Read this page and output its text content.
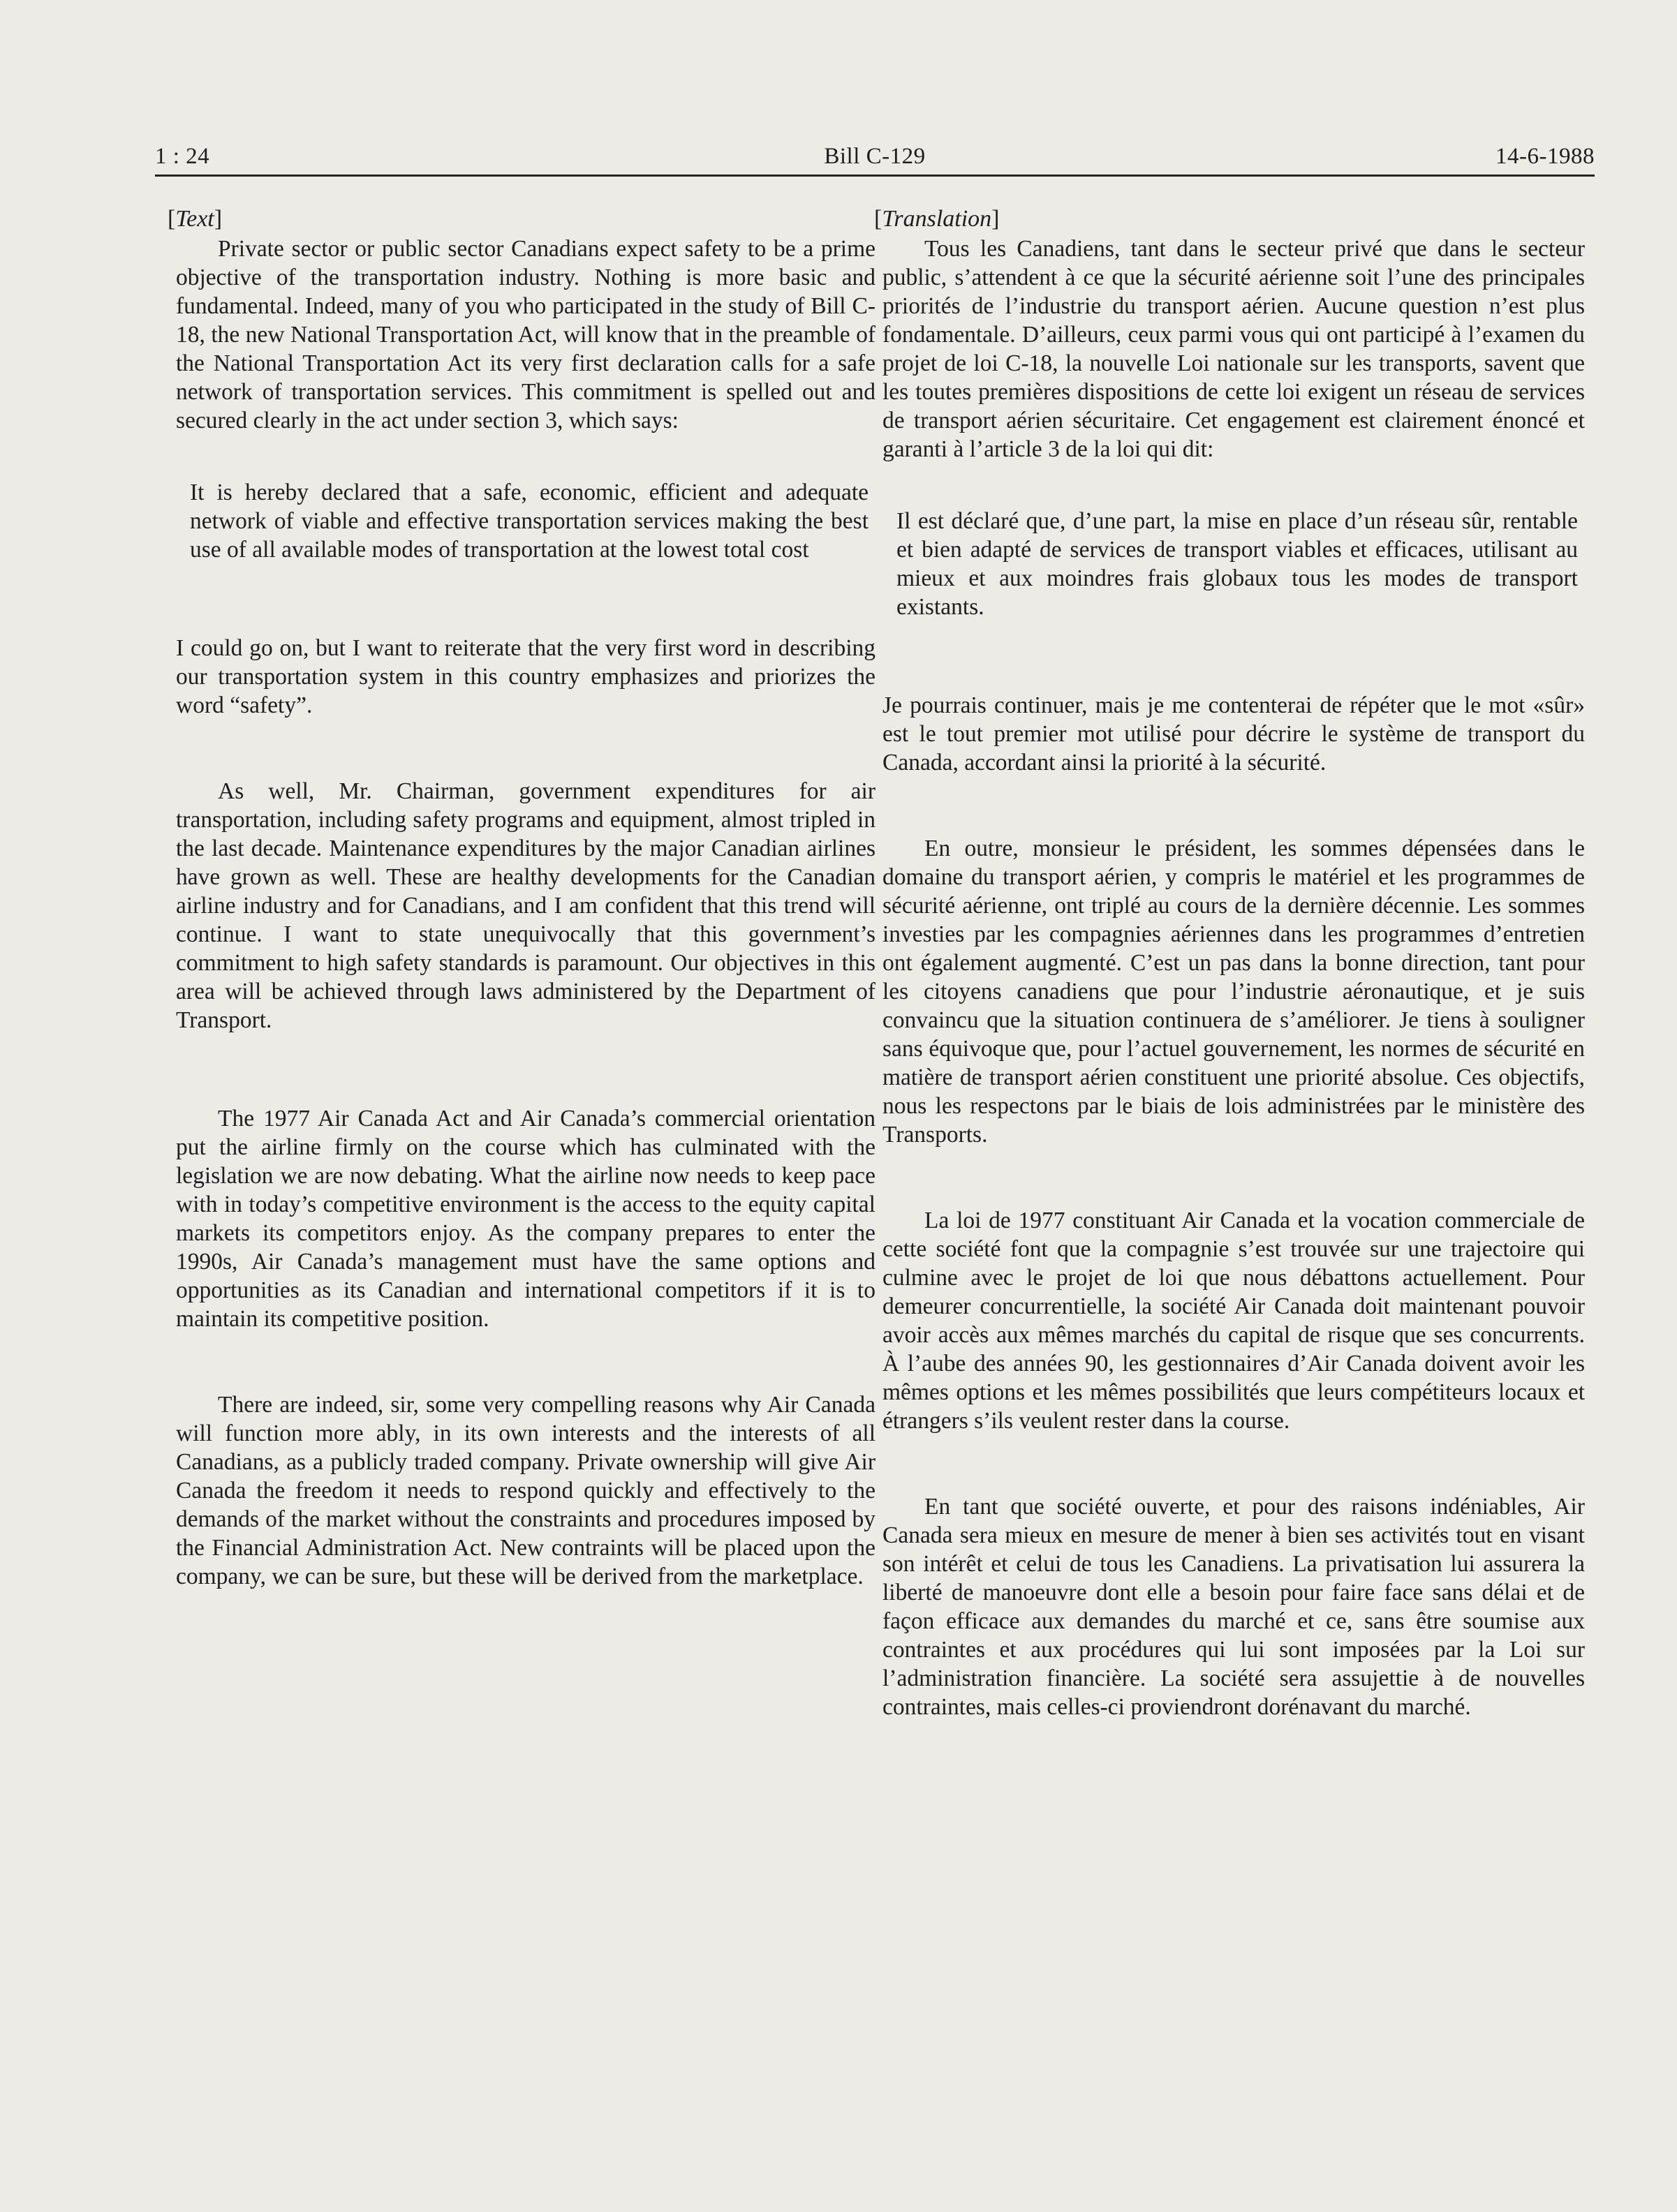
1 : 24	Bill C-129	14-6-1988
[Text]

Private sector or public sector Canadians expect safety to be a prime objective of the transportation industry. Nothing is more basic and fundamental. Indeed, many of you who participated in the study of Bill C-18, the new National Transportation Act, will know that in the preamble of the National Transportation Act its very first declaration calls for a safe network of transportation services. This commitment is spelled out and secured clearly in the act under section 3, which says:

It is hereby declared that a safe, economic, efficient and adequate network of viable and effective transportation services making the best use of all available modes of transportation at the lowest total cost

I could go on, but I want to reiterate that the very first word in describing our transportation system in this country emphasizes and priorizes the word “safety”.

As well, Mr. Chairman, government expenditures for air transportation, including safety programs and equipment, almost tripled in the last decade. Maintenance expenditures by the major Canadian airlines have grown as well. These are healthy developments for the Canadian airline industry and for Canadians, and I am confident that this trend will continue. I want to state unequivocally that this government’s commitment to high safety standards is paramount. Our objectives in this area will be achieved through laws administered by the Department of Transport.

The 1977 Air Canada Act and Air Canada’s commercial orientation put the airline firmly on the course which has culminated with the legislation we are now debating. What the airline now needs to keep pace with in today’s competitive environment is the access to the equity capital markets its competitors enjoy. As the company prepares to enter the 1990s, Air Canada’s management must have the same options and opportunities as its Canadian and international competitors if it is to maintain its competitive position.

There are indeed, sir, some very compelling reasons why Air Canada will function more ably, in its own interests and the interests of all Canadians, as a publicly traded company. Private ownership will give Air Canada the freedom it needs to respond quickly and effectively to the demands of the market without the constraints and procedures imposed by the Financial Administration Act. New contraints will be placed upon the company, we can be sure, but these will be derived from the marketplace.

[Translation]

Tous les Canadiens, tant dans le secteur privé que dans le secteur public, s’attendent à ce que la sécurité aérienne soit l’une des principales priorités de l’industrie du transport aérien. Aucune question n’est plus fondamentale. D’ailleurs, ceux parmi vous qui ont participé à l’examen du projet de loi C-18, la nouvelle Loi nationale sur les transports, savent que les toutes premières dispositions de cette loi exigent un réseau de services de transport aérien sécuritaire. Cet engagement est clairement énoncé et garanti à l’article 3 de la loi qui dit:

Il est déclaré que, d’une part, la mise en place d’un réseau sûr, rentable et bien adapté de services de transport viables et efficaces, utilisant au mieux et aux moindres frais globaux tous les modes de transport existants.

Je pourrais continuer, mais je me contenterai de répéter que le mot «sûr» est le tout premier mot utilisé pour décrire le système de transport du Canada, accordant ainsi la priorité à la sécurité.

En outre, monsieur le président, les sommes dépensées dans le domaine du transport aérien, y compris le matériel et les programmes de sécurité aérienne, ont triplé au cours de la dernière décennie. Les sommes investies par les compagnies aériennes dans les programmes d’entretien ont également augmenté. C’est un pas dans la bonne direction, tant pour les citoyens canadiens que pour l’industrie aéronautique, et je suis convaincu que la situation continuera de s’améliorer. Je tiens à souligner sans équivoque que, pour l’actuel gouvernement, les normes de sécurité en matière de transport aérien constituent une priorité absolue. Ces objectifs, nous les respectons par le biais de lois administrées par le ministère des Transports.

La loi de 1977 constituant Air Canada et la vocation commerciale de cette société font que la compagnie s’est trouvée sur une trajectoire qui culmine avec le projet de loi que nous débattons actuellement. Pour demeurer concurrentielle, la société Air Canada doit maintenant pouvoir avoir accès aux mêmes marchés du capital de risque que ses concurrents. À l’aube des années 90, les gestionnaires d’Air Canada doivent avoir les mêmes options et les mêmes possibilités que leurs compétiteurs locaux et étrangers s’ils veulent rester dans la course.

En tant que société ouverte, et pour des raisons indéniables, Air Canada sera mieux en mesure de mener à bien ses activités tout en visant son intérêt et celui de tous les Canadiens. La privatisation lui assurera la liberté de manoeuvre dont elle a besoin pour faire face sans délai et de façon efficace aux demandes du marché et ce, sans être soumise aux contraintes et aux procédures qui lui sont imposées par la Loi sur l’administration financière. La société sera assujettie à de nouvelles contraintes, mais celles-ci proviendront dorénavant du marché.
